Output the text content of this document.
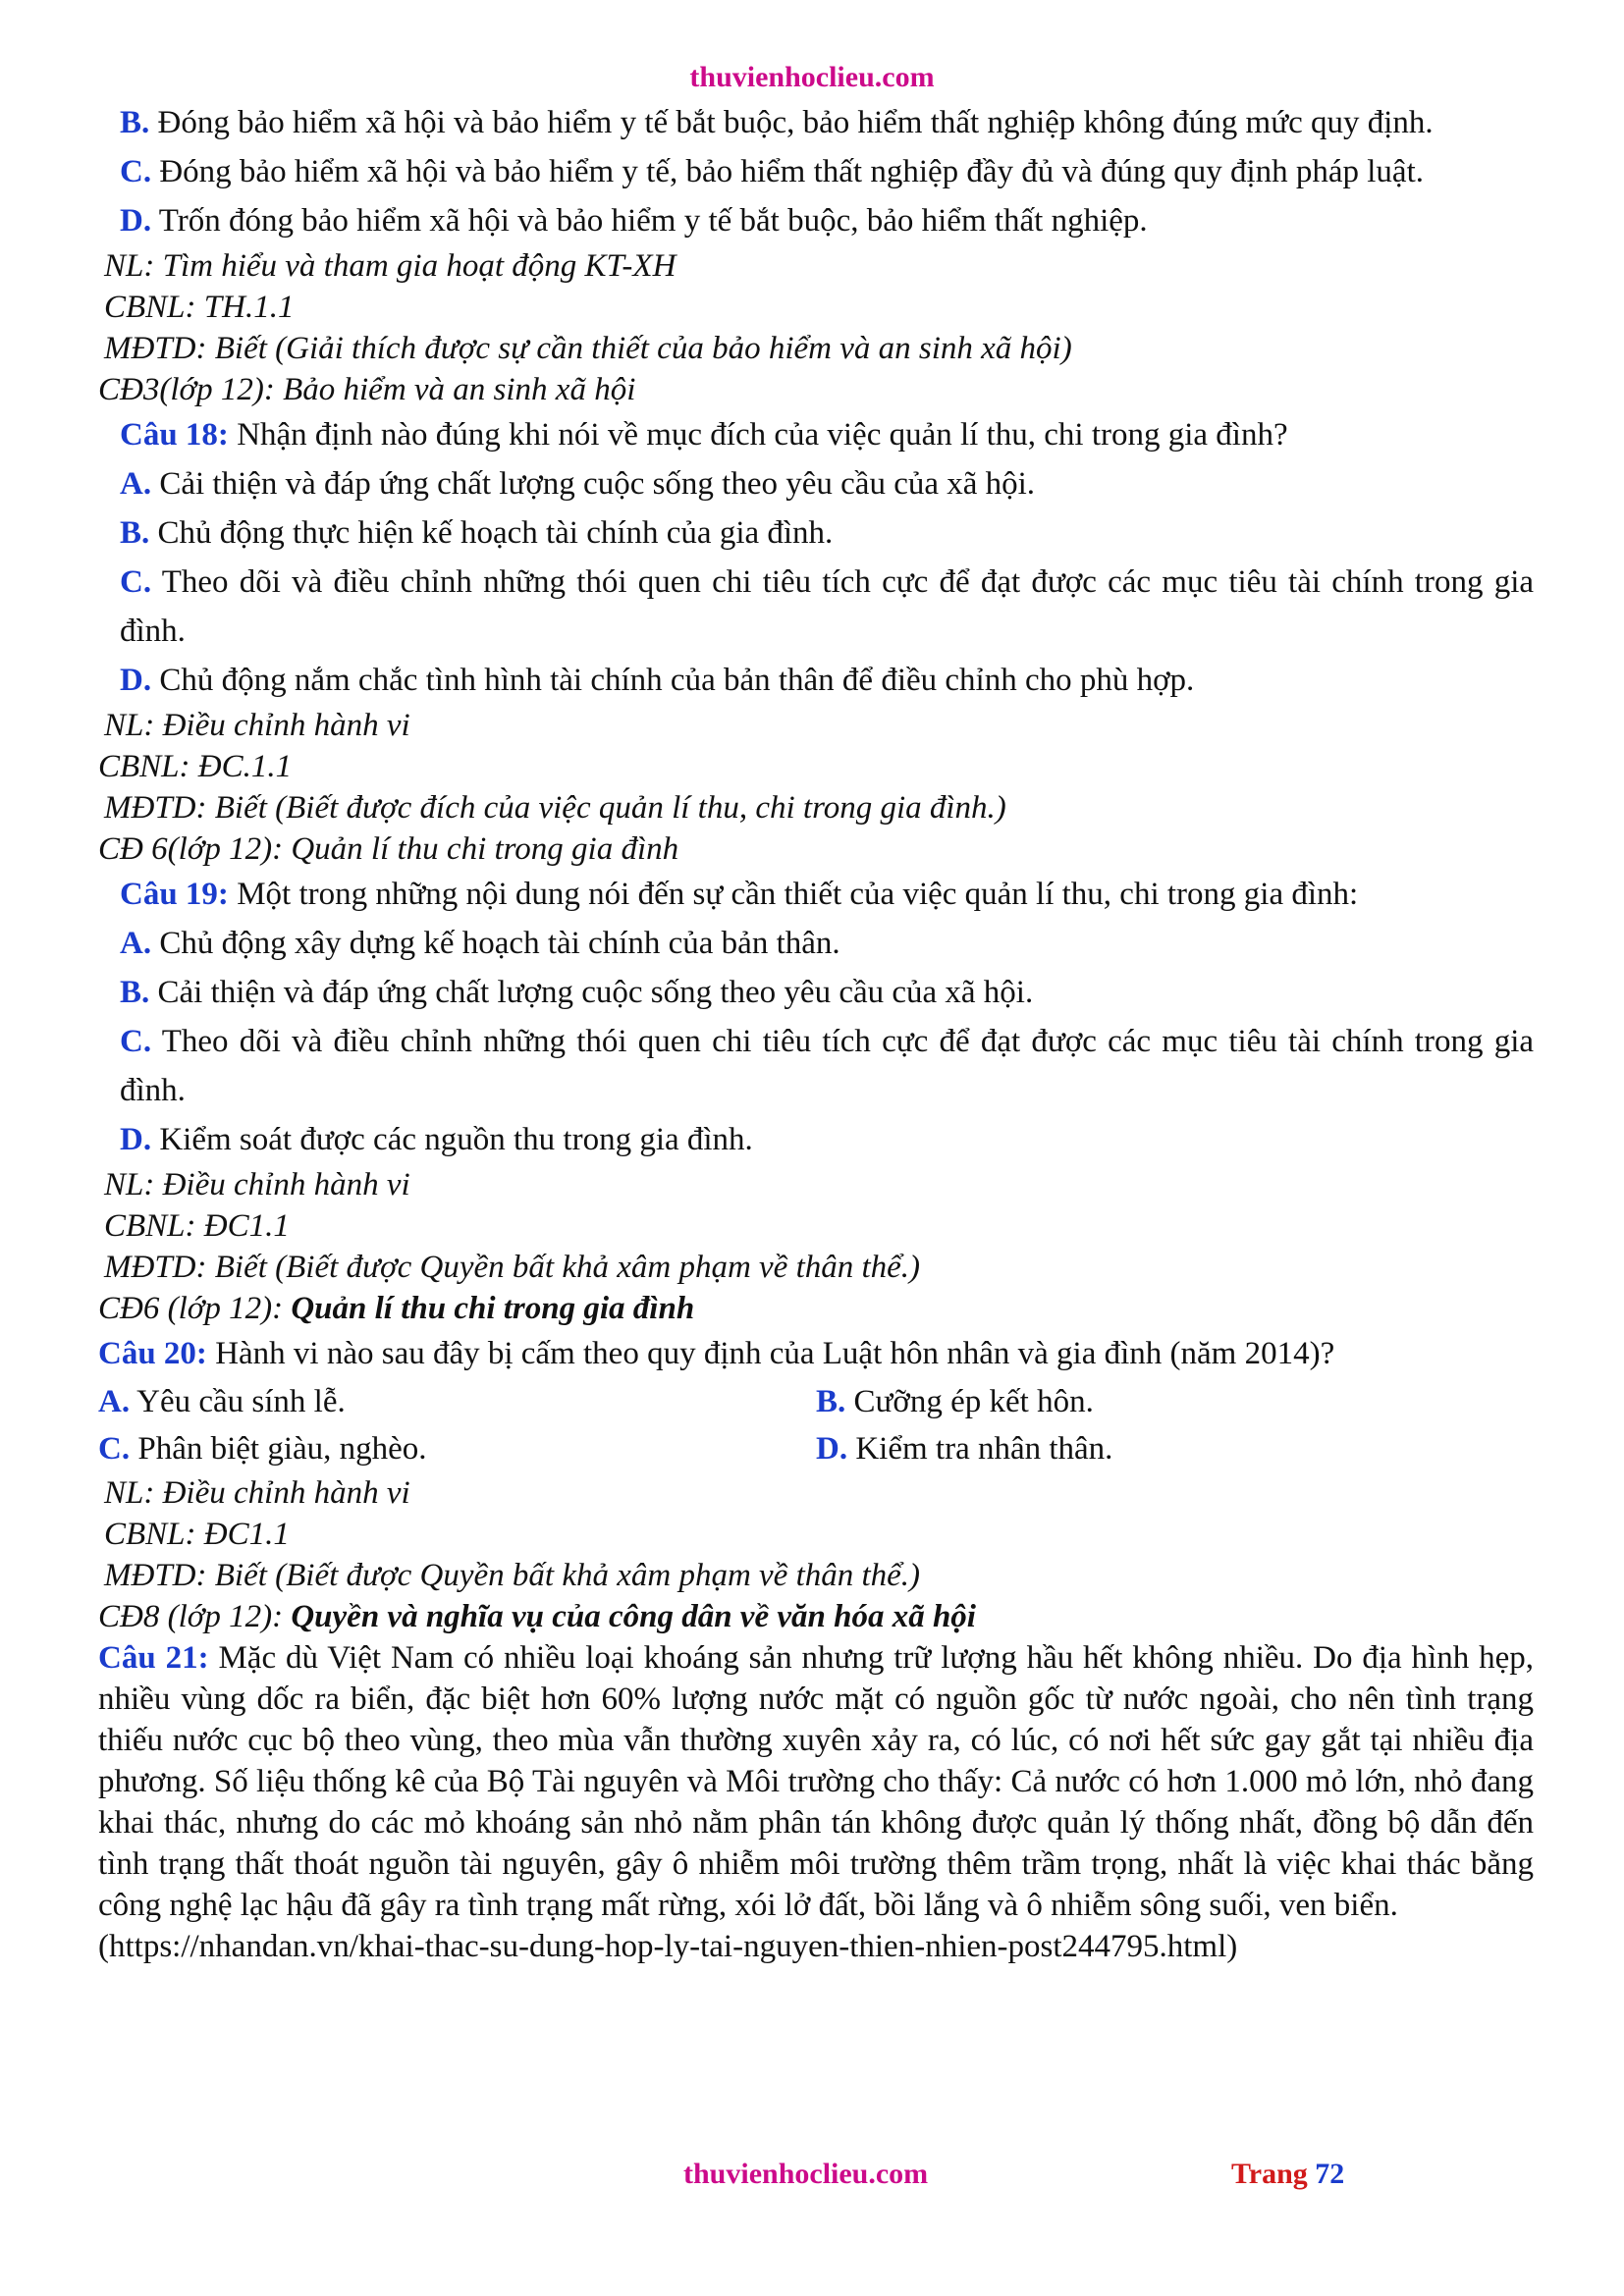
thuvienhoclieu.com

B. Đóng bảo hiểm xã hội và bảo hiểm y tế bắt buộc, bảo hiểm thất nghiệp không đúng mức quy định.

C. Đóng bảo hiểm xã hội và bảo hiểm y tế, bảo hiểm thất nghiệp đầy đủ và đúng quy định pháp luật.

D. Trốn đóng bảo hiểm xã hội và bảo hiểm y tế bắt buộc, bảo hiểm thất nghiệp.

NL: Tìm hiểu và tham gia hoạt động KT-XH

CBNL: TH.1.1

MĐTD: Biết (Giải thích được sự cần thiết của bảo hiểm và an sinh xã hội)

CĐ3(lớp 12): Bảo hiểm và an sinh xã hội

Câu 18: Nhận định nào đúng khi nói về mục đích của việc quản lí thu, chi trong gia đình?

A. Cải thiện và đáp ứng chất lượng cuộc sống theo yêu cầu của xã hội.

B. Chủ động thực hiện kế hoạch tài chính của gia đình.

C. Theo dõi và điều chỉnh những thói quen chi tiêu tích cực để đạt được các mục tiêu tài chính trong gia đình.

D. Chủ động nắm chắc tình hình tài chính của bản thân để điều chỉnh cho phù hợp.

NL: Điều chỉnh hành vi

CBNL: ĐC.1.1

MĐTD: Biết (Biết được đích của việc quản lí thu, chi trong gia đình.)

CĐ 6(lớp 12): Quản lí thu chi trong gia đình

Câu 19: Một trong những nội dung nói đến sự cần thiết của việc quản lí thu, chi trong gia đình:

A. Chủ động xây dựng kế hoạch tài chính của bản thân.

B. Cải thiện và đáp ứng chất lượng cuộc sống theo yêu cầu của xã hội.

C. Theo dõi và điều chỉnh những thói quen chi tiêu tích cực để đạt được các mục tiêu tài chính trong gia đình.

D. Kiểm soát được các nguồn thu trong gia đình.

NL: Điều chỉnh hành vi

CBNL: ĐC1.1

MĐTD: Biết (Biết được Quyền bất khả xâm phạm về thân thể.)

CĐ6 (lớp 12): Quản lí thu chi trong gia đình

Câu 20: Hành vi nào sau đây bị cấm theo quy định của Luật hôn nhân và gia đình (năm 2014)?

A. Yêu cầu sính lễ.	B. Cưỡng ép kết hôn.
C. Phân biệt giàu, nghèo.	D. Kiểm tra nhân thân.

NL: Điều chỉnh hành vi

CBNL: ĐC1.1

MĐTD: Biết (Biết được Quyền bất khả xâm phạm về thân thể.)

CĐ8 (lớp 12): Quyền và nghĩa vụ của công dân về văn hóa xã hội

Câu 21: Mặc dù Việt Nam có nhiều loại khoáng sản nhưng trữ lượng hầu hết không nhiều. Do địa hình hẹp, nhiều vùng dốc ra biển, đặc biệt hơn 60% lượng nước mặt có nguồn gốc từ nước ngoài, cho nên tình trạng thiếu nước cục bộ theo vùng, theo mùa vẫn thường xuyên xảy ra, có lúc, có nơi hết sức gay gắt tại nhiều địa phương. Số liệu thống kê của Bộ Tài nguyên và Môi trường cho thấy: Cả nước có hơn 1.000 mỏ lớn, nhỏ đang khai thác, nhưng do các mỏ khoáng sản nhỏ nằm phân tán không được quản lý thống nhất, đồng bộ dẫn đến tình trạng thất thoát nguồn tài nguyên, gây ô nhiễm môi trường thêm trầm trọng, nhất là việc khai thác bằng công nghệ lạc hậu đã gây ra tình trạng mất rừng, xói lở đất, bồi lắng và ô nhiễm sông suối, ven biển.

(https://nhandan.vn/khai-thac-su-dung-hop-ly-tai-nguyen-thien-nhien-post244795.html)

thuvienhoclieu.com	Trang 72
